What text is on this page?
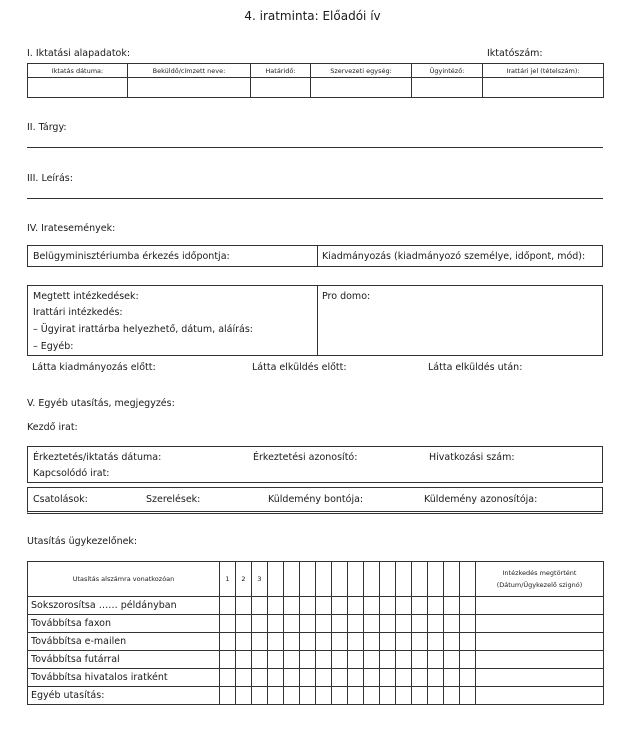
4. iratminta: Előadói ív
I. Iktatási alapadatok:	Iktatószám:
Iktatás dátuma:	Beküldő/címzett neve:	Határidő:	Szervezeti egység:	Ügyintéző:	Irattári jel (tételszám):

II. Tárgy:
III. Leírás:
IV. Iratesemények:
Belügyminisztériumba érkezés időpontja:	Kiadmányozás (kiadmányozó személye, időpont, mód):
Megtett intézkedések:
Irattári intézkedés:
– Ügyirat irattárba helyezhető, dátum, aláírás:
– Egyéb:
Pro domo:
Látta kiadmányozás előtt:	Látta elküldés előtt:	Látta elküldés után:
V. Egyéb utasítás, megjegyzés:
Kezdő irat:
Érkeztetés/iktatás dátuma:	Érkeztetési azonosító:	Hivatkozási szám:
Kapcsolódó irat:
Csatolások:	Szerelések:	Küldemény bontója:	Küldemény azonosítója:
Utasítás ügykezelőnek:
Utasítás alszámra vonatkozóan	1	2	3														Intézkedés megtörtént
(Dátum/Ügykezelő szignó)

Sokszorosítsa …… példányban																	
Továbbítsa faxon																	
Továbbítsa e-mailen																	
Továbbítsa futárral																	
Továbbítsa hivatalos iratként																	
Egyéb utasítás:																	
